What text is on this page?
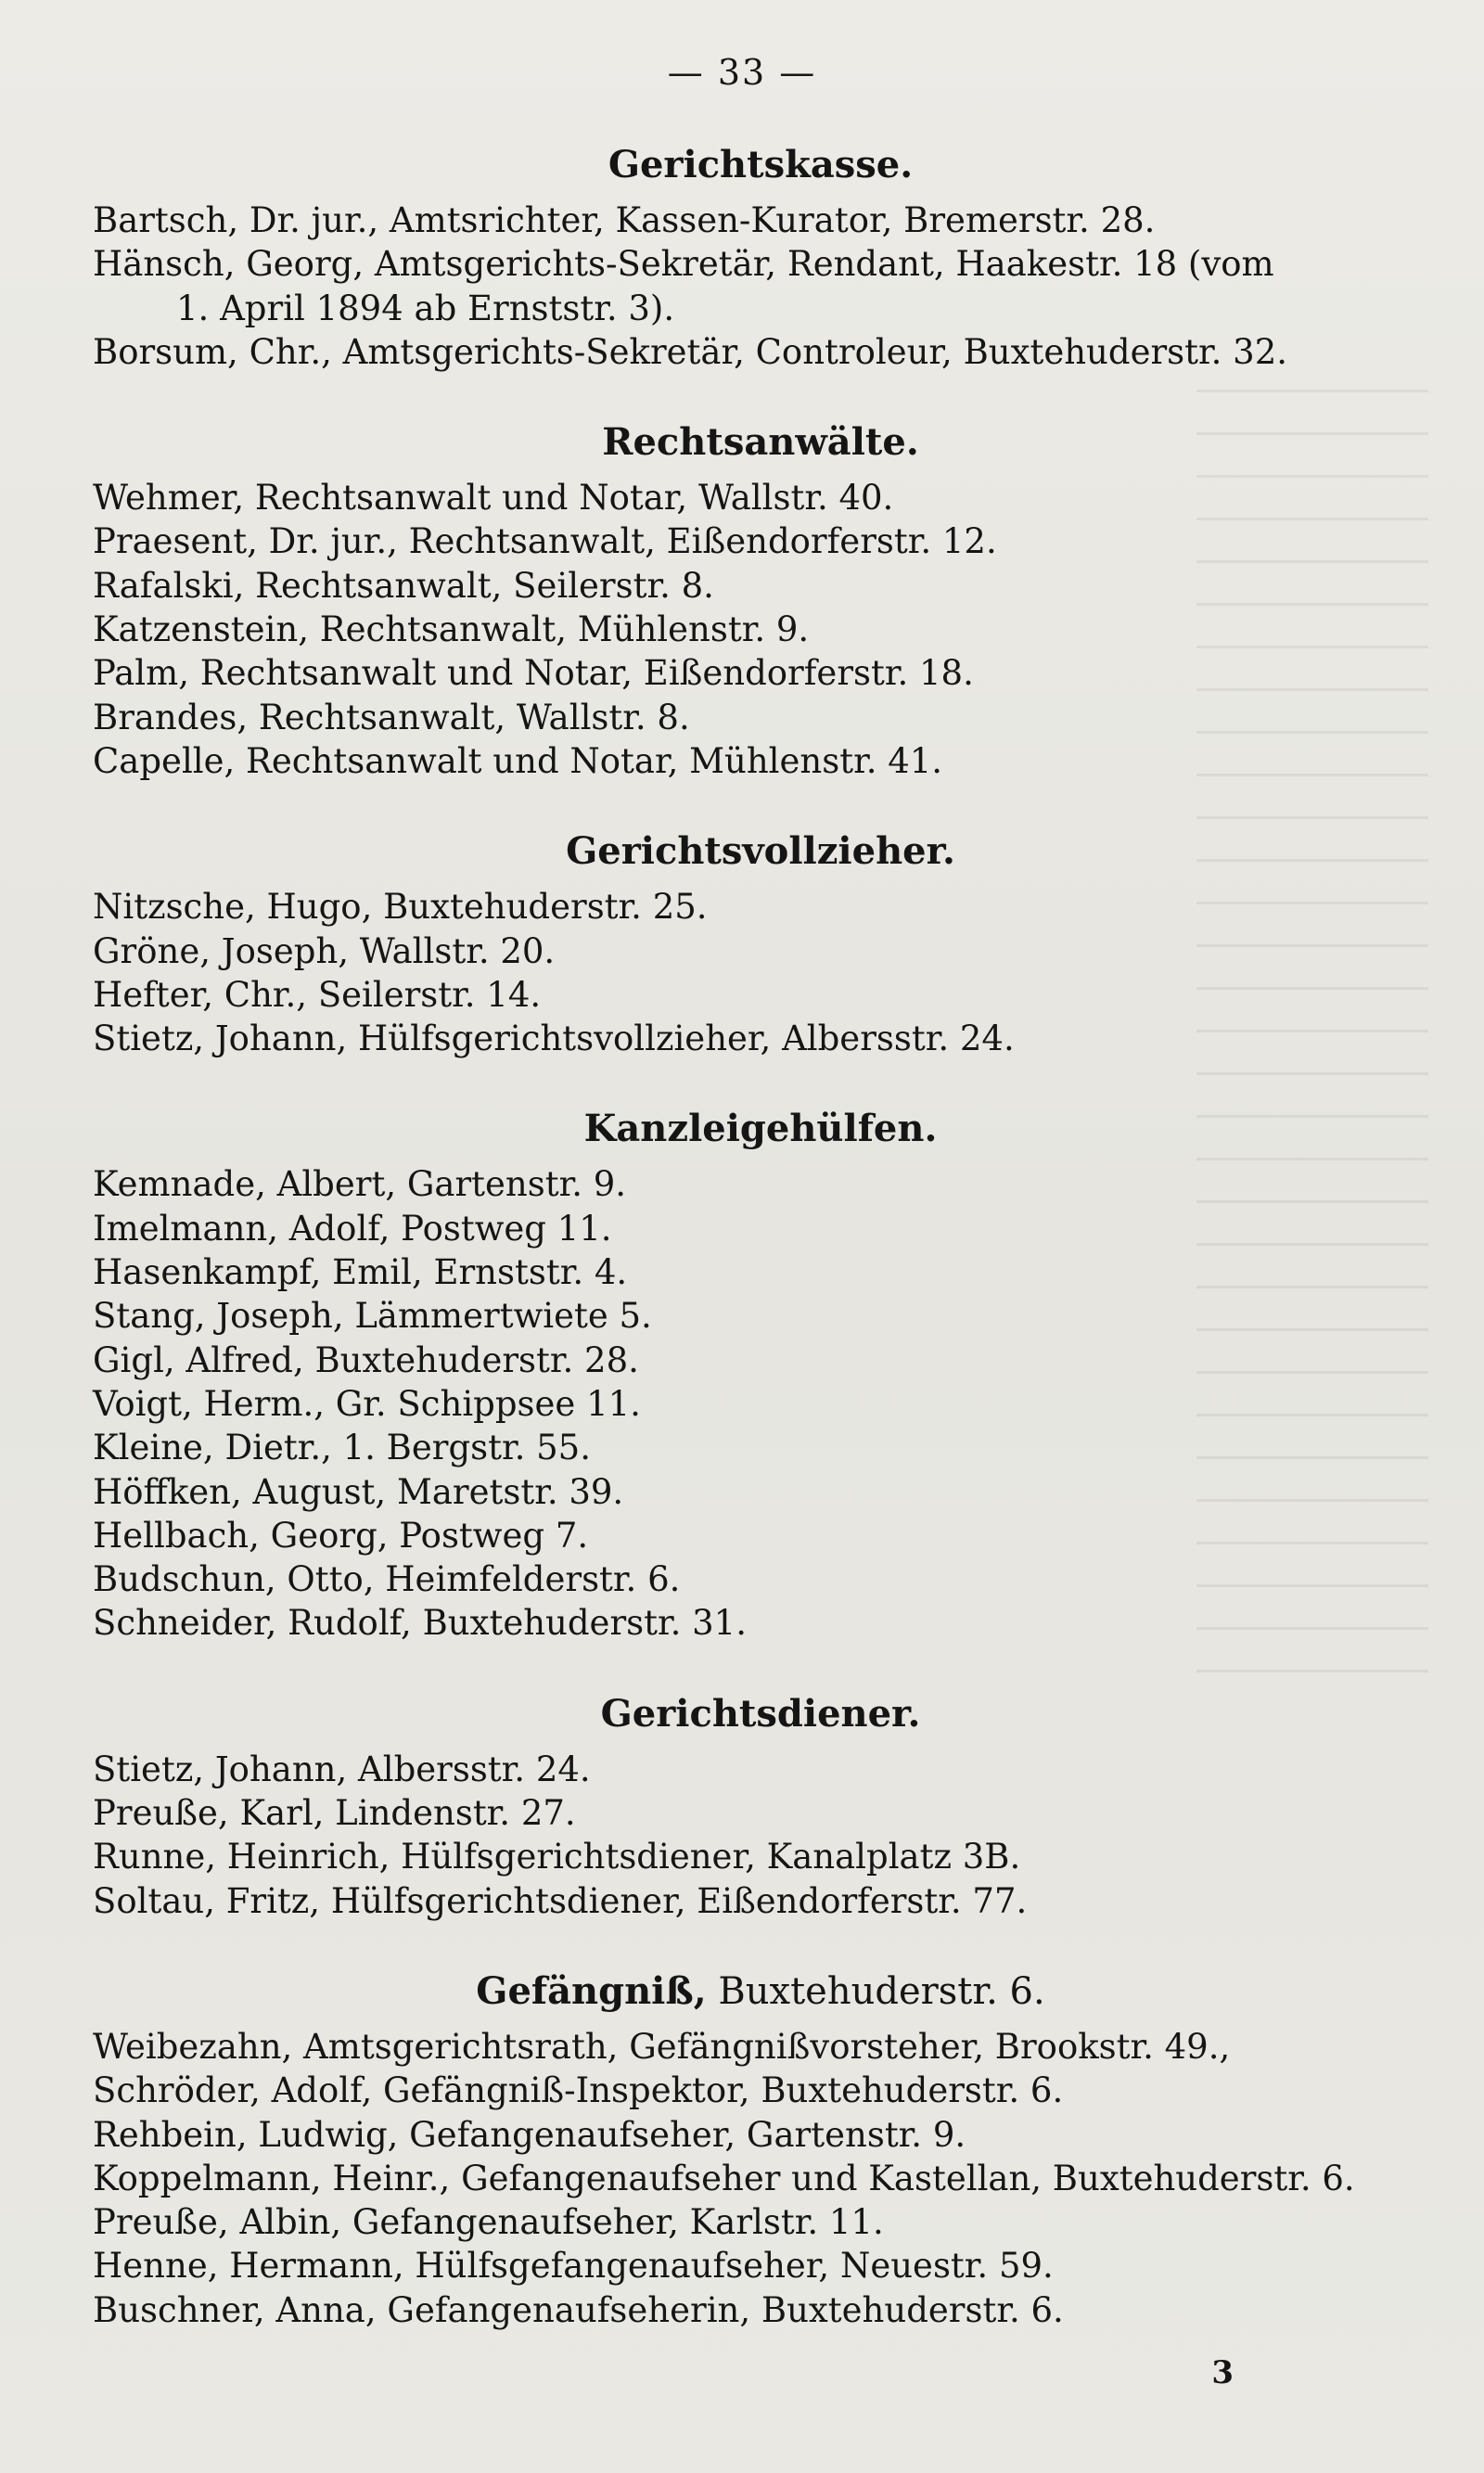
— 33 —
Gerichtskasse.
Bartsch, Dr. jur., Amtsrichter, Kassen-Kurator, Bremerstr. 28.
Hänsch, Georg, Amtsgerichts-Sekretär, Rendant, Haakestr. 18 (vom
1. April 1894 ab Ernststr. 3).
Borsum, Chr., Amtsgerichts-Sekretär, Controleur, Buxtehuderstr. 32.
Rechtsanwälte.
Wehmer, Rechtsanwalt und Notar, Wallstr. 40.
Praesent, Dr. jur., Rechtsanwalt, Eißendorferstr. 12.
Rafalski, Rechtsanwalt, Seilerstr. 8.
Katzenstein, Rechtsanwalt, Mühlenstr. 9.
Palm, Rechtsanwalt und Notar, Eißendorferstr. 18.
Brandes, Rechtsanwalt, Wallstr. 8.
Capelle, Rechtsanwalt und Notar, Mühlenstr. 41.
Gerichtsvollzieher.
Nitzsche, Hugo, Buxtehuderstr. 25.
Gröne, Joseph, Wallstr. 20.
Hefter, Chr., Seilerstr. 14.
Stietz, Johann, Hülfsgerichtsvollzieher, Albersstr. 24.
Kanzleigehülfen.
Kemnade, Albert, Gartenstr. 9.
Imelmann, Adolf, Postweg 11.
Hasenkampf, Emil, Ernststr. 4.
Stang, Joseph, Lämmertwiete 5.
Gigl, Alfred, Buxtehuderstr. 28.
Voigt, Herm., Gr. Schippsee 11.
Kleine, Dietr., 1. Bergstr. 55.
Höffken, August, Maretstr. 39.
Hellbach, Georg, Postweg 7.
Budschun, Otto, Heimfelderstr. 6.
Schneider, Rudolf, Buxtehuderstr. 31.
Gerichtsdiener.
Stietz, Johann, Albersstr. 24.
Preuße, Karl, Lindenstr. 27.
Runne, Heinrich, Hülfsgerichtsdiener, Kanalplatz 3B.
Soltau, Fritz, Hülfsgerichtsdiener, Eißendorferstr. 77.
Gefängniß, Buxtehuderstr. 6.
Weibezahn, Amtsgerichtsrath, Gefängnißvorsteher, Brookstr. 49.,
Schröder, Adolf, Gefängniß-Inspektor, Buxtehuderstr. 6.
Rehbein, Ludwig, Gefangenaufseher, Gartenstr. 9.
Koppelmann, Heinr., Gefangenaufseher und Kastellan, Buxtehuderstr. 6.
Preuße, Albin, Gefangenaufseher, Karlstr. 11.
Henne, Hermann, Hülfsgefangenaufseher, Neuestr. 59.
Buschner, Anna, Gefangenaufseherin, Buxtehuderstr. 6.
3
